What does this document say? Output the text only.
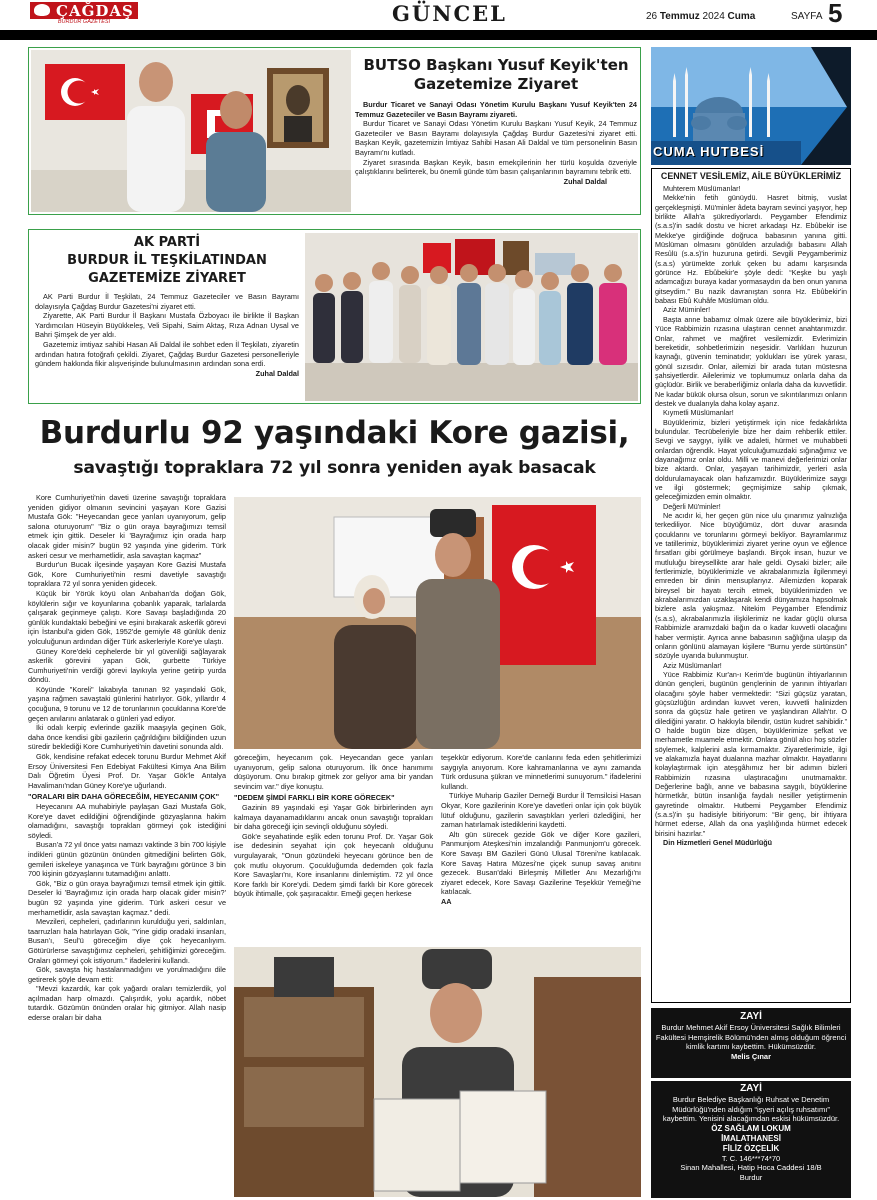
ÇAĞDAŞ
BURDUR GAZETESİ	GÜNCEL	26 Temmuz 2024 Cuma	SAYFA 5
BUTSO Başkanı Yusuf Keyik'ten
Gazetemize Ziyaret

Burdur Ticaret ve Sanayi Odası Yönetim Kurulu Başkanı Yusuf Keyik'ten 24 Temmuz Gazeteciler ve Basın Bayramı ziyareti.

Burdur Ticaret ve Sanayi Odası Yönetim Kurulu Başkanı Yusuf Keyik, 24 Temmuz Gazeteciler ve Basın Bayramı dolayısıyla Çağdaş Burdur Gazetesi'ni ziyaret etti. Başkan Keyik, gazetemizin İmtiyaz Sahibi Hasan Ali Daldal ve tüm personelinin Basın Bayramı'nı kutladı.

Ziyaret sırasında Başkan Keyik, basın emekçilerinin her türlü koşulda özveriyle çalıştıklarını belirterek, bu önemli günde tüm basın çalışanlarının bayramını tebrik etti.

Zuhal Daldal
AK PARTİ
BURDUR İL TEŞKİLATINDAN
GAZETEMİZE ZİYARET

AK Parti Burdur İl Teşkilatı, 24 Temmuz Gazeteciler ve Basın Bayramı dolayısıyla Çağdaş Burdur Gazetesi'ni ziyaret etti.

Ziyarette, AK Parti Burdur İl Başkanı Mustafa Özboyacı ile birlikte İl Başkan Yardımcıları Hüseyin Büyükkeleş, Veli Sipahi, Saim Aktaş, Rıza Adnan Uysal ve Bahri Şimşek de yer aldı.

Gazetemiz imtiyaz sahibi Hasan Ali Daldal ile sohbet eden İl Teşkilatı, ziyaretin ardından hatıra fotoğrafı çekildi. Ziyaret, Çağdaş Burdur Gazetesi personelleriyle gündem hakkında fikir alışverişinde bulunulmasının ardından sona erdi.

Zuhal Daldal
Burdurlu 92 yaşındaki Kore gazisi,
savaştığı topraklara 72 yıl sonra yeniden ayak basacak

Kore Cumhuriyeti'nin daveti üzerine savaştığı topraklara yeniden gidiyor olmanın sevincini yaşayan Kore Gazisi Mustafa Gök: "Heyecandan gece yarıları uyanıyorum, gelip salona oturuyorum" "Biz o gün oraya bayrağımızı temsil etmek için gittik. Deseler ki 'Bayrağımız için orada harp olacak gider misin?' bugün 92 yaşında yine giderim. Türk askeri cesur ve merhametlidir, asla savaştan kaçmaz"

Burdur'un Bucak ilçesinde yaşayan Kore Gazisi Mustafa Gök, Kore Cumhuriyeti'nin resmi davetiyle savaştığı topraklara 72 yıl sonra yeniden gidecek.

Küçük bir Yörük köyü olan Anbahan'da doğan Gök, köylülerin sığır ve koyunlarına çobanlık yaparak, tarlalarda çalışarak geçinmeye çalıştı. Kore Savaşı başladığında 20 günlük kundaktaki bebeğini ve eşini bırakarak askerlik görevi için İstanbul'a giden Gök, 1952'de gemiyle 48 günlük deniz yolculuğunun ardından diğer Türk askerleriyle Kore'ye ulaştı.

Güney Kore'deki cephelerde bir yıl güvenliği sağlayarak askerlik görevini yapan Gök, gurbette Türkiye Cumhuriyeti'nin verdiği görevi layıkıyla yerine getirip yurda döndü.

Köyünde "Koreli" lakabıyla tanınan 92 yaşındaki Gök, yaşına rağmen savaştaki günlerini hatırlıyor. Gök, yıllardır 4 çocuğuna, 9 torunu ve 12 de torunlarının çocuklarına Kore'de geçen anılarını anlatarak o günleri yad ediyor.

İki odalı kerpiç evlerinde gazilik maaşıyla geçinen Gök, daha önce kendisi gibi gazilerin çağrıldığını bildiğinden uzun süredir beklediği Kore Cumhuriyeti'nin davetini sonunda aldı.

Gök, kendisine refakat edecek torunu Burdur Mehmet Akif Ersoy Üniversitesi Fen Edebiyat Fakültesi Kimya Ana Bilim Dalı Öğretim Üyesi Prof. Dr. Yaşar Gök'le Antalya Havalimanı'ndan Güney Kore'ye uğurlandı.

"ORALARI BİR DAHA GÖRECEĞİM, HEYECANIM ÇOK"

Heyecanını AA muhabiriyle paylaşan Gazi Mustafa Gök, Kore'ye davet edildiğini öğrendiğinde gözyaşlarına hakim olamadığını, savaştığı toprakları görmeyi çok istediğini söyledi.

Busan'a 72 yıl önce yatsı namazı vaktinde 3 bin 700 kişiyle indikleri günün gözünün önünden gitmediğini belirten Gök, gemileri iskeleye yanaşınca ve Türk bayrağını görünce 3 bin 700 kişinin gözyaşlarını tutamadığını anlattı.

Gök, "Biz o gün oraya bayrağımızı temsil etmek için gittik. Deseler ki 'Bayrağımız için orada harp olacak gider misin?' bugün 92 yaşında yine giderim. Türk askeri cesur ve merhametlidir, asla savaştan kaçmaz." dedi.

Mevzileri, cepheleri, çadırlarının kurulduğu yeri, saldırıları, taarruzları hala hatırlayan Gök, "Yine gidip oradaki insanları, Busan'ı, Seul'ü göreceğim diye çok heyecanlıyım. Götürürlerse savaştığımız cepheleri, şehitliğimizi göreceğim. Oraları görmeyi çok istiyorum." ifadelerini kullandı.

Gök, savaşta hiç hastalanmadığını ve yorulmadığını dile getirerek şöyle devam etti:

"Mevzi kazardık, kar çok yağardı oraları temizlerdik, yol açılmadan harp olmazdı. Çalışırdık, yolu açardık, nöbet tutardık. Gözümün önünden oralar hiç gitmiyor. Allah nasip ederse oraları bir daha

göreceğim, heyecanım çok. Heyecandan gece yarıları uyanıyorum, gelip salona oturuyorum. İlk önce hanımımı düşüyorum. Onu bırakıp gitmek zor geliyor ama bir yandan sevincim var." diye konuştu.

"DEDEM ŞİMDİ FARKLI BİR KORE GÖRECEK"

Gazinin 89 yaşındaki eşi Yaşar Gök birbirlerinden ayrı kalmaya dayanamadıklarını ancak onun savaştığı toprakları bir daha göreceği için sevinçli olduğunu söyledi.

Gök'e seyahatinde eşlik eden torunu Prof. Dr. Yaşar Gök ise dedesinin seyahat için çok heyecanlı olduğunu vurgulayarak, "Onun gözündeki heyecanı görünce ben de çok mutlu oluyorum. Çocukluğumda dedemden çok fazla Kore Savaşları'nı, Kore insanlarını dinlemiştim. 72 yıl önce Kore farklı bir Kore'ydi. Dedem şimdi farklı bir Kore görecek büyük ihtimalle, çok şaşıracaktır. Emeği geçen herkese

teşekkür ediyorum. Kore'de canlarını feda eden şehitlerimizi saygıyla anıyorum. Kore kahramanlarına ve aynı zamanda Türk ordusuna şükran ve minnetlerimi sunuyorum." ifadelerini kullandı.

Türkiye Muharip Gaziler Derneği Burdur İl Temsilcisi Hasan Okyar, Kore gazilerinin Kore'ye davetleri onlar için çok büyük lütuf olduğunu, gazilerin savaştıkları yerleri özlediğini, her zaman hatırlamak istediklerini kaydetti.

Altı gün sürecek gezide Gök ve diğer Kore gazileri, Panmunjom Ateşkesi'nin imzalandığı Panmunjom'u görecek. Kore Savaşı BM Gazileri Günü Ulusal Töreni'ne katılacak. Kore Savaş Hatıra Müzesi'ne çiçek sunup savaş anıtını gezecek. Busan'daki Birleşmiş Milletler Anı Mezarlığı'nı ziyaret edecek, Kore Savaşı Gazilerine Teşekkür Yemeği'ne katılacak.

AA
CUMA HUTBESİ
CENNET VESİLEMİZ, AİLE BÜYÜKLERİMİZ

Muhterem Müslümanlar!

Mekke'nin fetih günüydü. Hasret bitmiş, vuslat gerçekleşmişti. Mü'minler âdeta bayram sevinci yaşıyor, hep birlikte Allah'a şükrediyorlardı. Peygamber Efendimiz (s.a.s)'in sadık dostu ve hicret arkadaşı Hz. Ebûbekir ise Mekke'ye girdiğinde doğruca babasının yanına gitti. Müslüman olmasını gönülden arzuladığı babasını Allah Resûlü (s.a.s)'in huzuruna getirdi. Sevgili Peygamberimiz (s.a.s) yürümekte zorluk çeken bu adamı karşısında görünce Hz. Ebûbekir'e şöyle dedi: “Keşke bu yaşlı adamcağızı buraya kadar yormasaydın da ben onun yanına gitseydim.” Bu nazik davranıştan sonra Hz. Ebûbekir'in babası Ebû Kuhâfe Müslüman oldu.

Aziz Müminler!

Başta anne babamız olmak üzere aile büyüklerimiz, bizi Yüce Rabbimizin rızasına ulaştıran cennet anahtarımızdır. Onlar, rahmet ve mağfiret vesilemizdir. Evlerimizin bereketidir, sohbetlerimizin neşesidir. Varlıkları huzurun kaynağı, güvenin teminatıdır; yoklukları ise yürek yarası, gönül sızısıdır. Onlar, ailemizi bir arada tutan müstesna şahsiyetlerdir. Ailelerimiz ve toplumumuz onlarla daha da güçlüdür. Birlik ve beraberliğimiz onlarla daha da kuvvetlidir. Ne kadar bükük olursa olsun, sorun ve sıkıntılarımızı onların destek ve dualarıyla daha kolay aşarız.

Kıymetli Müslümanlar!

Büyüklerimiz, bizleri yetiştirmek için nice fedakârlıkta bulundular. Tecrübeleriyle bize her daim rehberlik ettiler. Sevgi ve saygıyı, iyilik ve adaleti, hürmet ve muhabbeti onlardan öğrendik. Hayat yolculuğumuzdaki sığınağımız ve dayanağımız onlar oldu. Milli ve manevi değerlerimizi onlar bize aktardı. Onlar, yaşayan tarihimizdir, yerleri asla doldurulamayacak olan hafızamızdır. Büyüklerimize saygı ve ilgi göstermek; geçmişimize sahip çıkmak, geleceğimizden emin olmaktır.

Değerli Mü'minler!

Ne acıdır ki, her geçen gün nice ulu çınarımız yalnızlığa terkediliyor. Nice büyüğümüz, dört duvar arasında çocuklarını ve torunlarını görmeyi bekliyor. Bayramlarımız ve tatillerimiz, büyüklerimizi ziyaret yerine oyun ve eğlence fırsatları gibi görülmeye başlandı. Birçok insan, huzur ve mutluluğu bireysellikte arar hale geldi. Oysaki bizler; aile fertlerimizle, büyüklerimizle ve akrabalarımızla ilgilenmeyi emreden bir dinin mensuplarıyız. Ailemizden koparak bireysel bir hayatı tercih etmek, büyüklerimizden ve akrabalarımızdan uzaklaşarak kendi dünyamıza hapsolmak bizlere asla yakışmaz. Nitekim Peygamber Efendimiz (s.a.s), akrabalarımızla ilişkilerimiz ne kadar güçlü olursa Rabbimizle aramızdaki bağın da o kadar kuvvetli olacağını haber vermiştir. Ayrıca anne babasının sağlığına ulaşıp da onların gönlünü alamayan kişilere “Burnu yerde sürtünsün” sözüyle uyarıda bulunmuştur.

Aziz Müslümanlar!

Yüce Rabbimiz Kur'an-ı Kerim'de bugünün ihtiyarlarının dünün gençleri, bugünün gençlerinin de yarının ihtiyarları olacağını şöyle haber vermektedir: “Sizi güçsüz yaratan, güçsüzlüğün ardından kuvvet veren, kuvvetli halinizden sonra da güçsüz hale getiren ve yaşlandıran Allah'tır. O dilediğini yaratır. O hakkıyla bilendir, üstün kudret sahibidir.” O halde bugün bize düşen, büyüklerimize şefkat ve merhametle muamele etmektir. Onlara gönül alıcı hoş sözler söylemek, kalplerini asla kırmamaktır. Ziyaretlerimizle, ilgi ve alakamızla hayat dualarına mazhar olmaktır. Hayatlarını kolaylaştırmak için ateşgâhımız her bir adımın bizleri Rabbimizin rızasına ulaştıracağını unutmamaktır. Değerlerine bağlı, anne ve babasına saygılı, büyüklerine hürmetkâr, bütün insanlığa faydalı nesiller yetiştirmenin gayretinde olmaktır. Hutbemi Peygamber Efendimiz (s.a.s)'in şu hadisiyle bitiriyorum: “Bir genç, bir ihtiyara hürmet ederse, Allah da ona yaşlılığında hürmet edecek birisini hazırlar.”

Din Hizmetleri Genel Müdürlüğü

ZAYİ
Burdur Mehmet Akif Ersoy Üniversitesi Sağlık Bilimleri Fakültesi Hemşirelik Bölümü'nden almış olduğum öğrenci kimlik kartımı kaybettim. Hükümsüzdür.
Melis Çınar
ZAYİ
Burdur Belediye Başkanlığı Ruhsat ve Denetim Müdürlüğü'nden aldığım “işyeri açılış ruhsatımı” kaybettim. Yenisini alacağımdan eskisi hükümsüzdür.
ÖZ SAĞLAM LOKUM
İMALATHANESİ
FİLİZ ÖZÇELİK
T. C. 146***74*70
Sinan Mahallesi, Hatip Hoca Caddesi 18/B
Burdur
